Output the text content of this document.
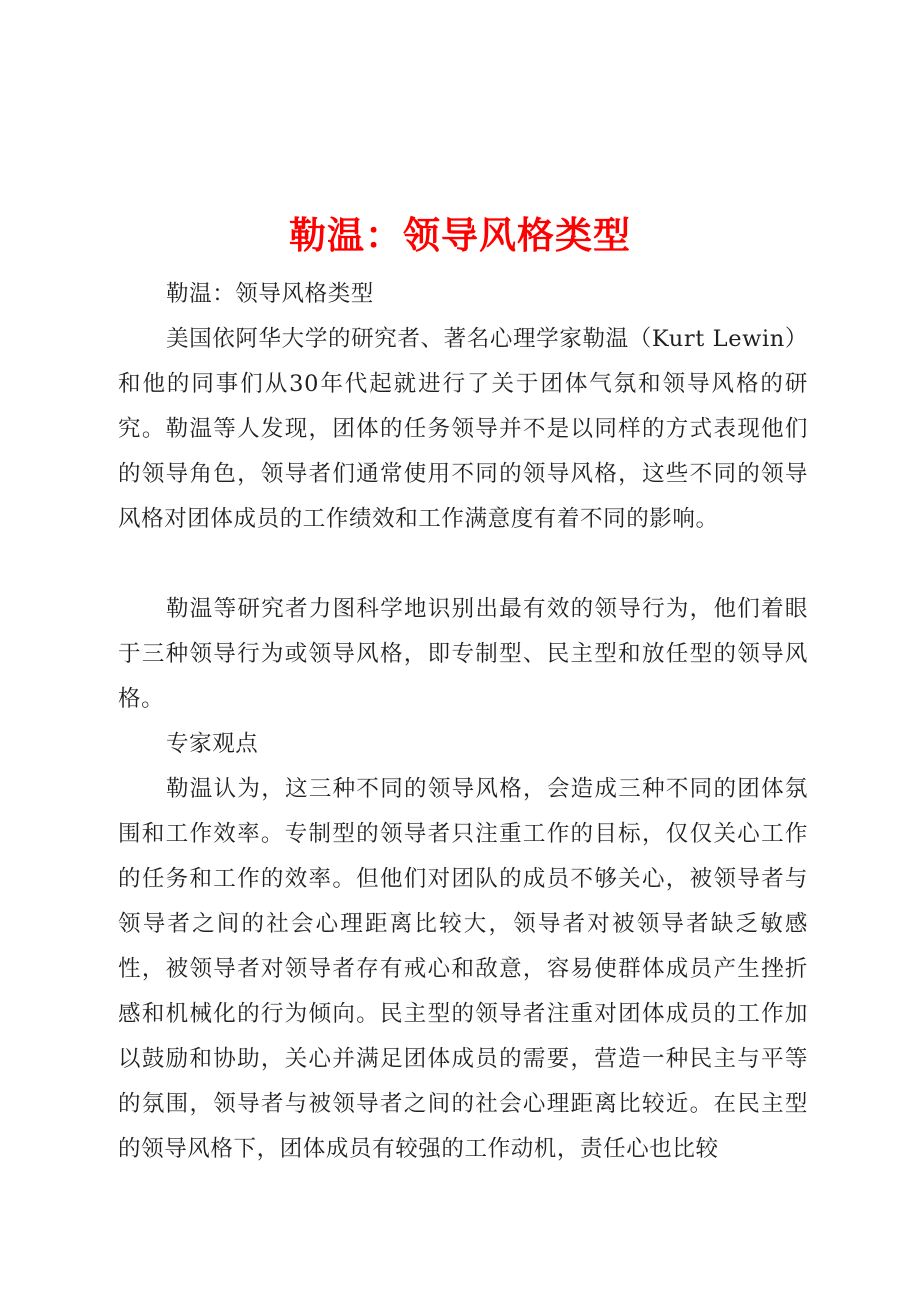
勒温：领导风格类型

勒温：领导风格类型

美国依阿华大学的研究者、著名心理学家勒温（Kurt Lewin）和他的同事们从30年代起就进行了关于团体气氛和领导风格的研究。勒温等人发现，团体的任务领导并不是以同样的方式表现他们的领导角色，领导者们通常使用不同的领导风格，这些不同的领导风格对团体成员的工作绩效和工作满意度有着不同的影响。

勒温等研究者力图科学地识别出最有效的领导行为，他们着眼于三种领导行为或领导风格，即专制型、民主型和放任型的领导风格。

专家观点

勒温认为，这三种不同的领导风格，会造成三种不同的团体氛围和工作效率。专制型的领导者只注重工作的目标，仅仅关心工作的任务和工作的效率。但他们对团队的成员不够关心，被领导者与领导者之间的社会心理距离比较大，领导者对被领导者缺乏敏感性，被领导者对领导者存有戒心和敌意，容易使群体成员产生挫折感和机械化的行为倾向。民主型的领导者注重对团体成员的工作加以鼓励和协助，关心并满足团体成员的需要，营造一种民主与平等的氛围，领导者与被领导者之间的社会心理距离比较近。在民主型的领导风格下，团体成员有较强的工作动机，责任心也比较
